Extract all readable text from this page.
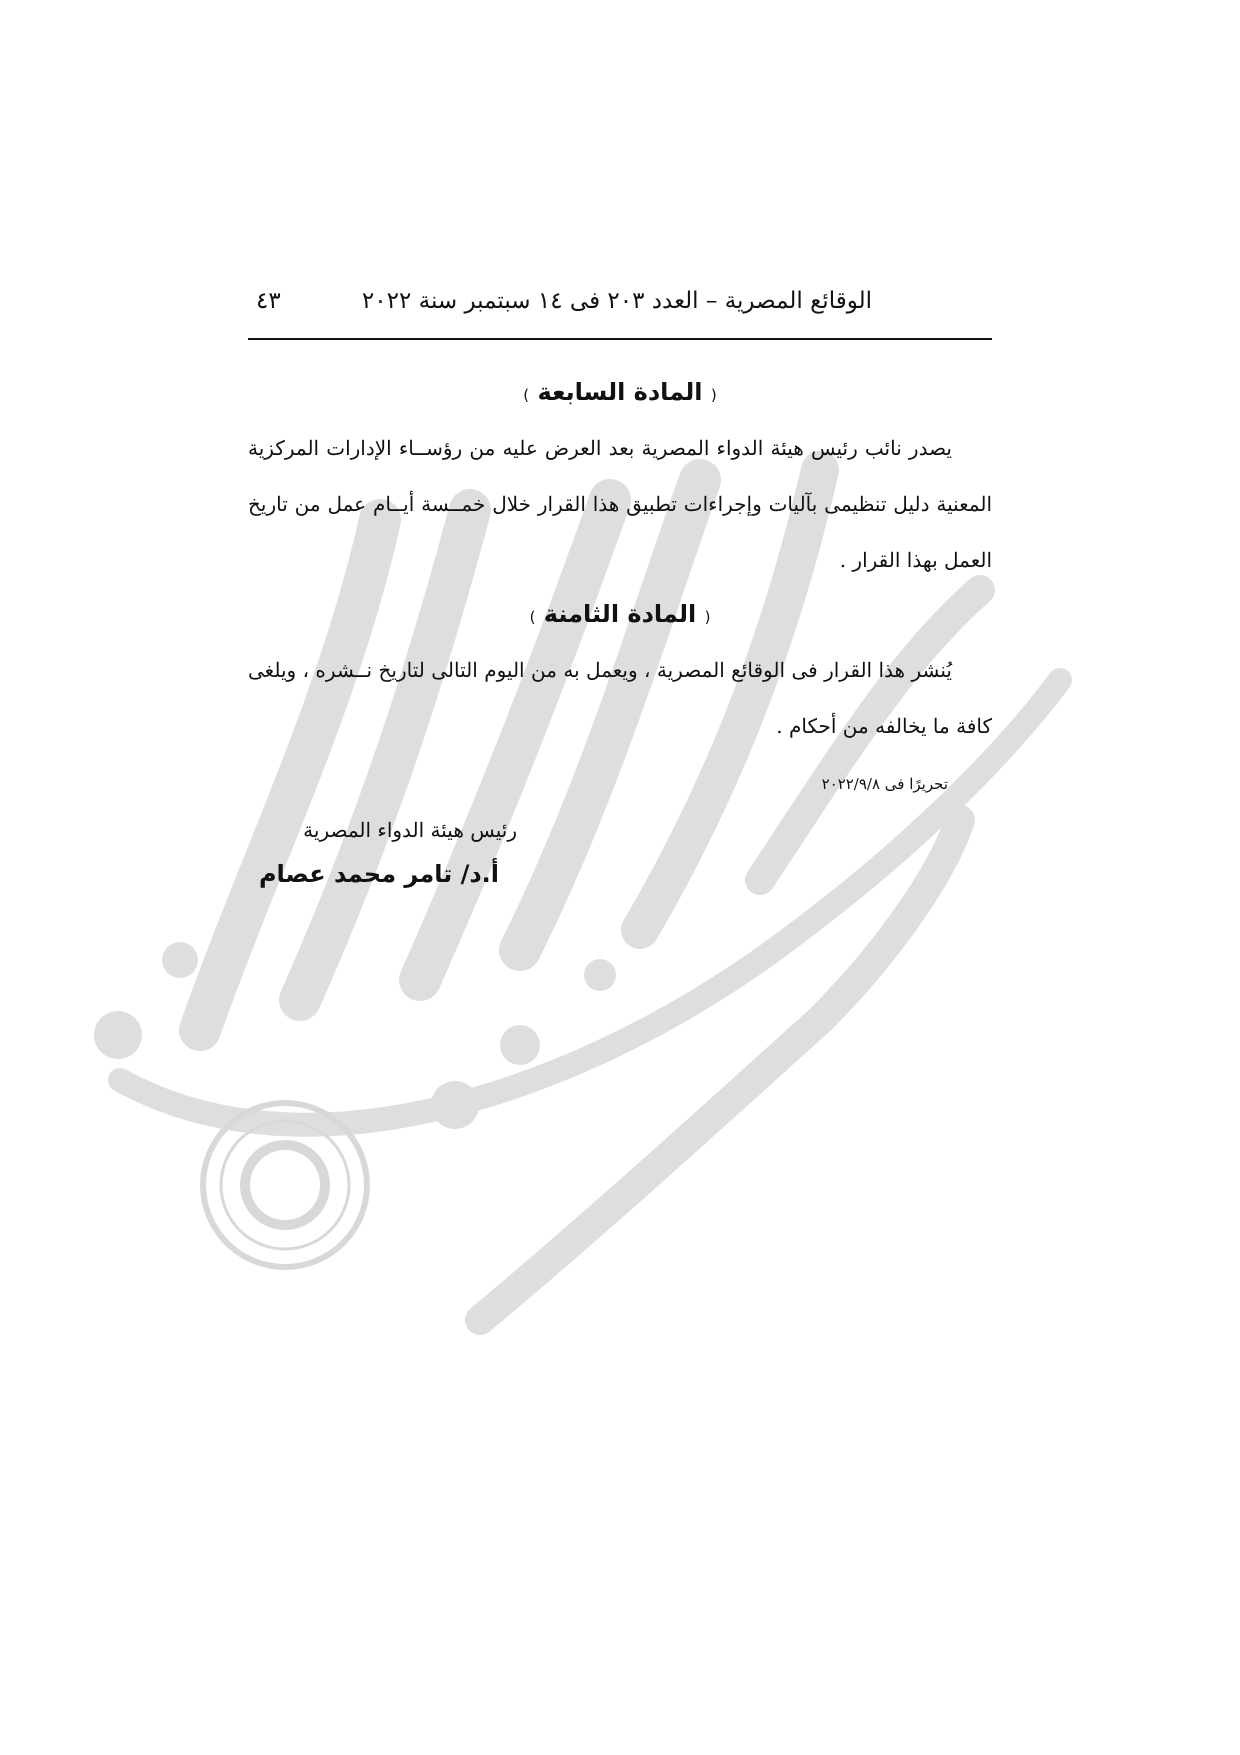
الوقائع المصرية – العدد ٢٠٣ فى ١٤ سبتمبر سنة ٢٠٢٢
٤٣
( المادة السابعة )

يصدر نائب رئيس هيئة الدواء المصرية بعد العرض عليه من رؤســاء الإدارات المركزية المعنية دليل تنظيمى بآليات وإجراءات تطبيق هذا القرار خلال خمــسة أيــام عمل من تاريخ العمل بهذا القرار .

( المادة الثامنة )

يُنشر هذا القرار فى الوقائع المصرية ، ويعمل به من اليوم التالى لتاريخ نــشره ، ويلغى كافة ما يخالفه من أحكام .

تحريرًا فى ٢٠٢٢/٩/٨
رئيس هيئة الدواء المصرية
أ.د/ تامر محمد عصام
